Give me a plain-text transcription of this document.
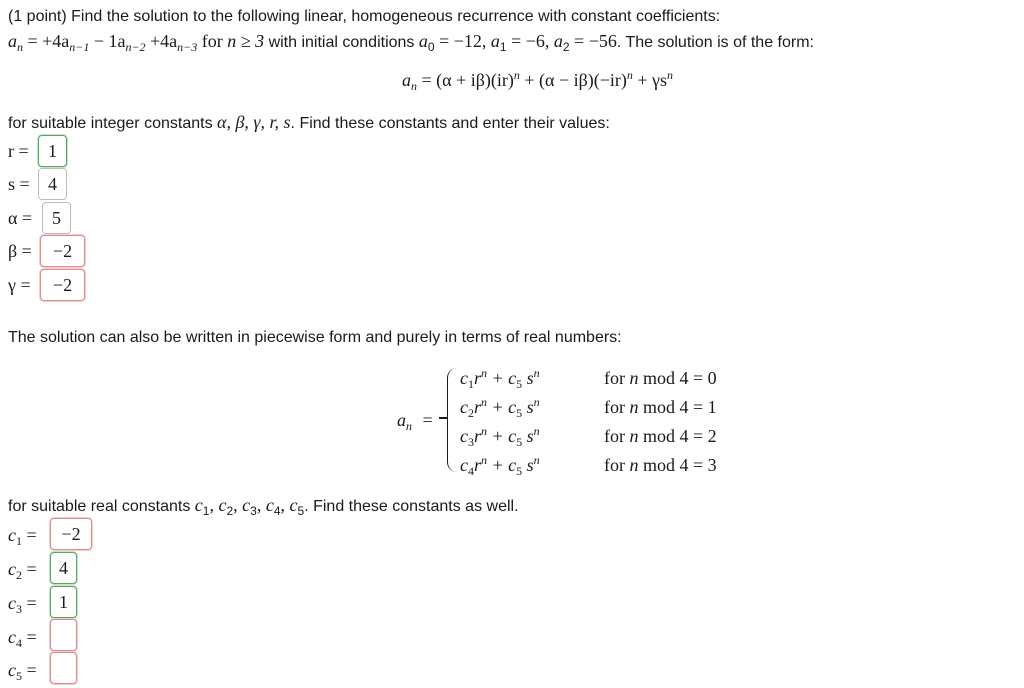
(1 point) Find the solution to the following linear, homogeneous recurrence with constant coefficients:
$a_n = +4a_{n-1} - 1a_{n-2} +4a_{n-3}$ for n ≥ 3 with initial conditions $a_0 = -12$, $a_1 = -6$, $a_2 = -56$. The solution is of the form:
$a_n = (\alpha + i\beta)(ir)^n + (\alpha - i\beta)(-ir)^n + \gamma s^n$
for suitable integer constants α, β, γ, r, s. Find these constants and enter their values:
r = 1
s = 4
α = 5
β = −2
γ = −2
The solution can also be written in piecewise form and purely in terms of real numbers:
$a_n$ =
$c_1r^n + c_5$ $s^n$	for n mod 4 = 0
$c_2r^n + c_5$ $s^n$	for n mod 4 = 1
$c_3r^n + c_5$ $s^n$	for n mod 4 = 2
$c_4r^n + c_5$ $s^n$	for n mod 4 = 3
for suitable real constants $c_1$, $c_2$, $c_3$, $c_4$, $c_5$. Find these constants as well.
$c_1 = -2$
$c_2 = 4$
$c_3 = 1$
$c_4$ =
$c_5$ =
